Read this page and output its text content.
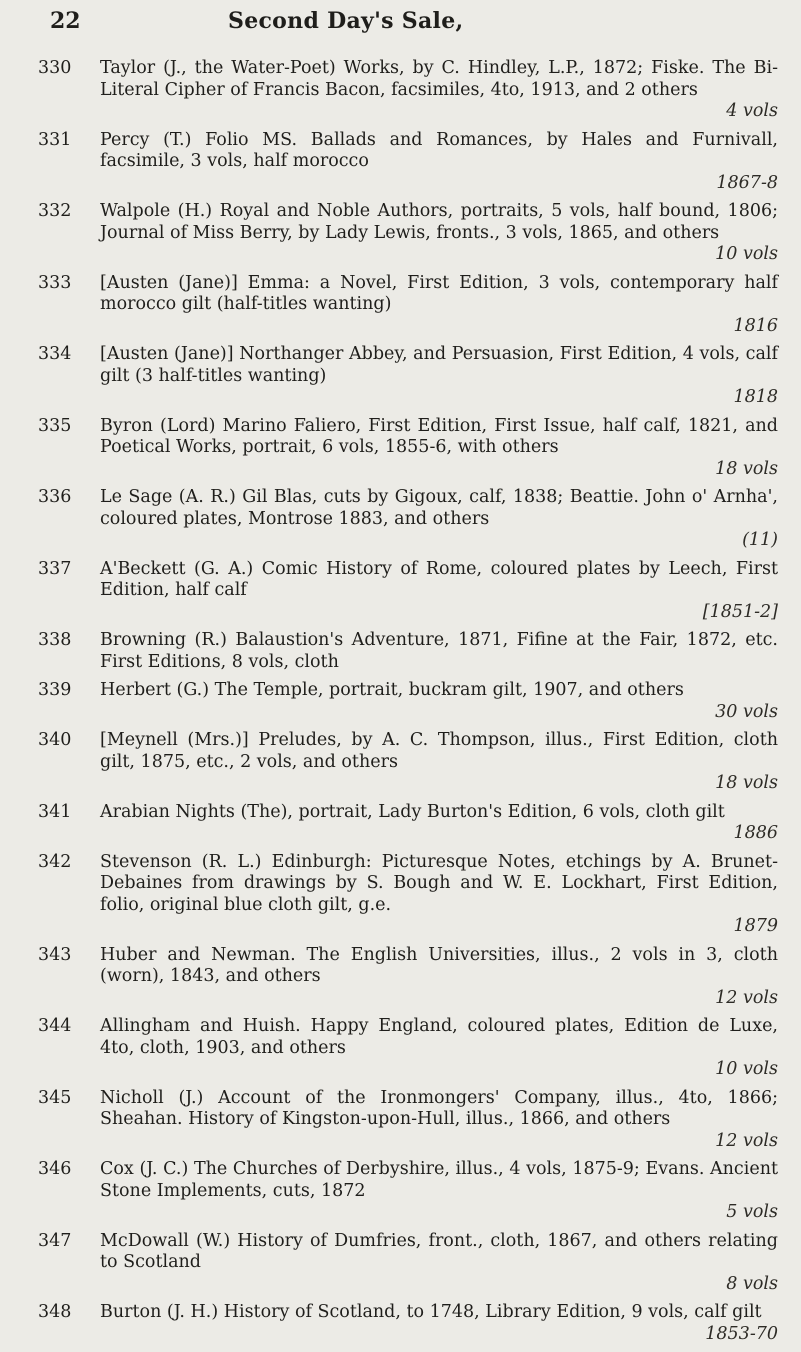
22	Second Day's Sale,
330	Taylor (J., the Water-Poet) Works, by C. Hindley, L.P., 1872; Fiske. The Bi-Literal Cipher of Francis Bacon, facsimiles, 4to, 1913, and 2 others
4 vols
331	Percy (T.) Folio MS. Ballads and Romances, by Hales and Furnivall, facsimile, 3 vols, half morocco
1867-8
332	Walpole (H.) Royal and Noble Authors, portraits, 5 vols, half bound, 1806; Journal of Miss Berry, by Lady Lewis, fronts., 3 vols, 1865, and others
10 vols
333	[Austen (Jane)] Emma: a Novel, First Edition, 3 vols, contemporary half morocco gilt (half-titles wanting)
1816
334	[Austen (Jane)] Northanger Abbey, and Persuasion, First Edition, 4 vols, calf gilt (3 half-titles wanting)
1818
335	Byron (Lord) Marino Faliero, First Edition, First Issue, half calf, 1821, and Poetical Works, portrait, 6 vols, 1855-6, with others
18 vols
336	Le Sage (A. R.) Gil Blas, cuts by Gigoux, calf, 1838; Beattie. John o' Arnha', coloured plates, Montrose 1883, and others
(11)
337	A'Beckett (G. A.) Comic History of Rome, coloured plates by Leech, First Edition, half calf
[1851-2]
338	Browning (R.) Balaustion's Adventure, 1871, Fifine at the Fair, 1872, etc. First Editions, 8 vols, cloth
339	Herbert (G.) The Temple, portrait, buckram gilt, 1907, and others
30 vols
340	[Meynell (Mrs.)] Preludes, by A. C. Thompson, illus., First Edition, cloth gilt, 1875, etc., 2 vols, and others
18 vols
341	Arabian Nights (The), portrait, Lady Burton's Edition, 6 vols, cloth gilt
1886
342	Stevenson (R. L.) Edinburgh: Picturesque Notes, etchings by A. Brunet-Debaines from drawings by S. Bough and W. E. Lockhart, First Edition, folio, original blue cloth gilt, g.e.
1879
343	Huber and Newman. The English Universities, illus., 2 vols in 3, cloth (worn), 1843, and others
12 vols
344	Allingham and Huish. Happy England, coloured plates, Edition de Luxe, 4to, cloth, 1903, and others
10 vols
345	Nicholl (J.) Account of the Ironmongers' Company, illus., 4to, 1866; Sheahan. History of Kingston-upon-Hull, illus., 1866, and others
12 vols
346	Cox (J. C.) The Churches of Derbyshire, illus., 4 vols, 1875-9; Evans. Ancient Stone Implements, cuts, 1872
5 vols
347	McDowall (W.) History of Dumfries, front., cloth, 1867, and others relating to Scotland
8 vols
348	Burton (J. H.) History of Scotland, to 1748, Library Edition, 9 vols, calf gilt
1853-70
